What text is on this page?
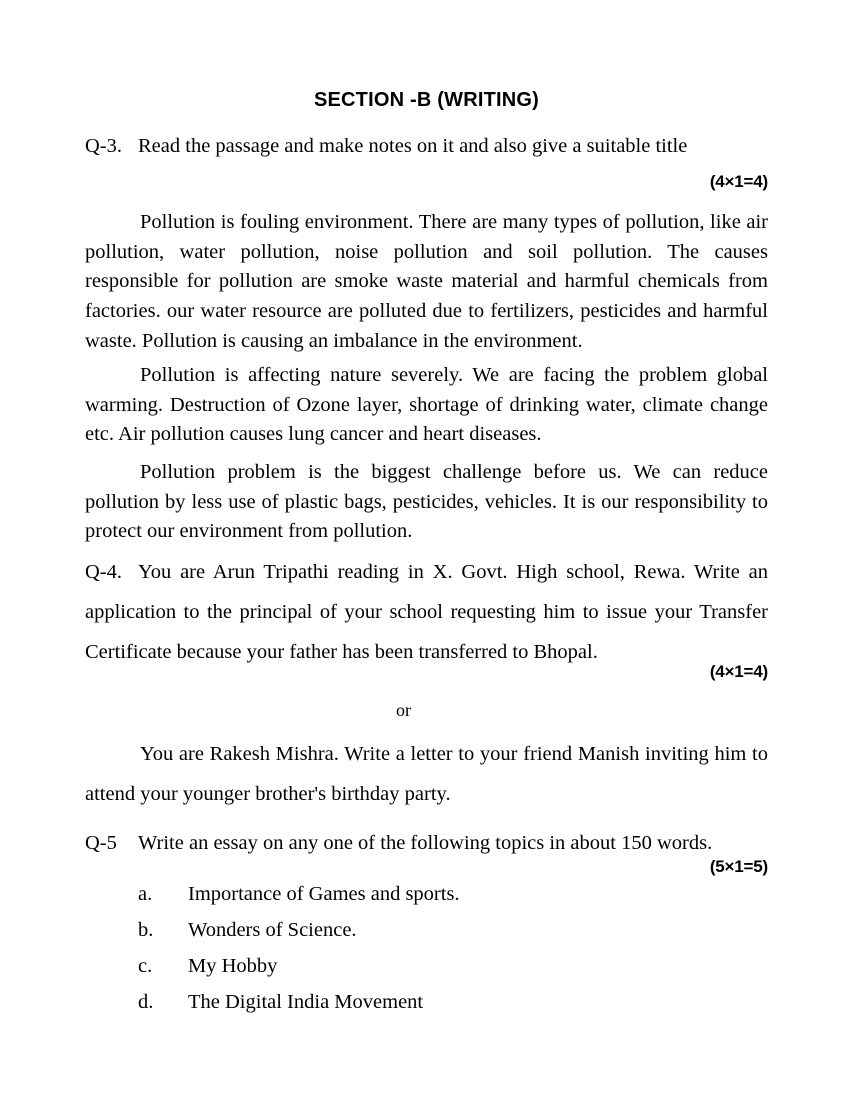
SECTION -B (WRITING)
Q-3. Read the passage and make notes on it and also give a suitable title
(4×1=4)
Pollution is fouling environment. There are many types of pollution, like air pollution, water pollution, noise pollution and soil pollution. The causes responsible for pollution are smoke waste material and harmful chemicals from factories. our water resource are polluted due to fertilizers, pesticides and harmful waste. Pollution is causing an imbalance in the environment.
Pollution is affecting nature severely. We are facing the problem global warming. Destruction of Ozone layer, shortage of drinking water, climate change etc. Air pollution causes lung cancer and heart diseases.
Pollution problem is the biggest challenge before us. We can reduce pollution by less use of plastic bags, pesticides, vehicles. It is our responsibility to protect our environment from pollution.
Q-4. You are Arun Tripathi reading in X. Govt. High school, Rewa. Write an application to the principal of your school requesting him to issue your Transfer Certificate because your father has been transferred to Bhopal.
(4×1=4)
or
You are Rakesh Mishra. Write a letter to your friend Manish inviting him to attend your younger brother's birthday party.
Q-5 Write an essay on any one of the following topics in about 150 words.
(5×1=5)
a. Importance of Games and sports.
b. Wonders of Science.
c. My Hobby
d. The Digital India Movement
